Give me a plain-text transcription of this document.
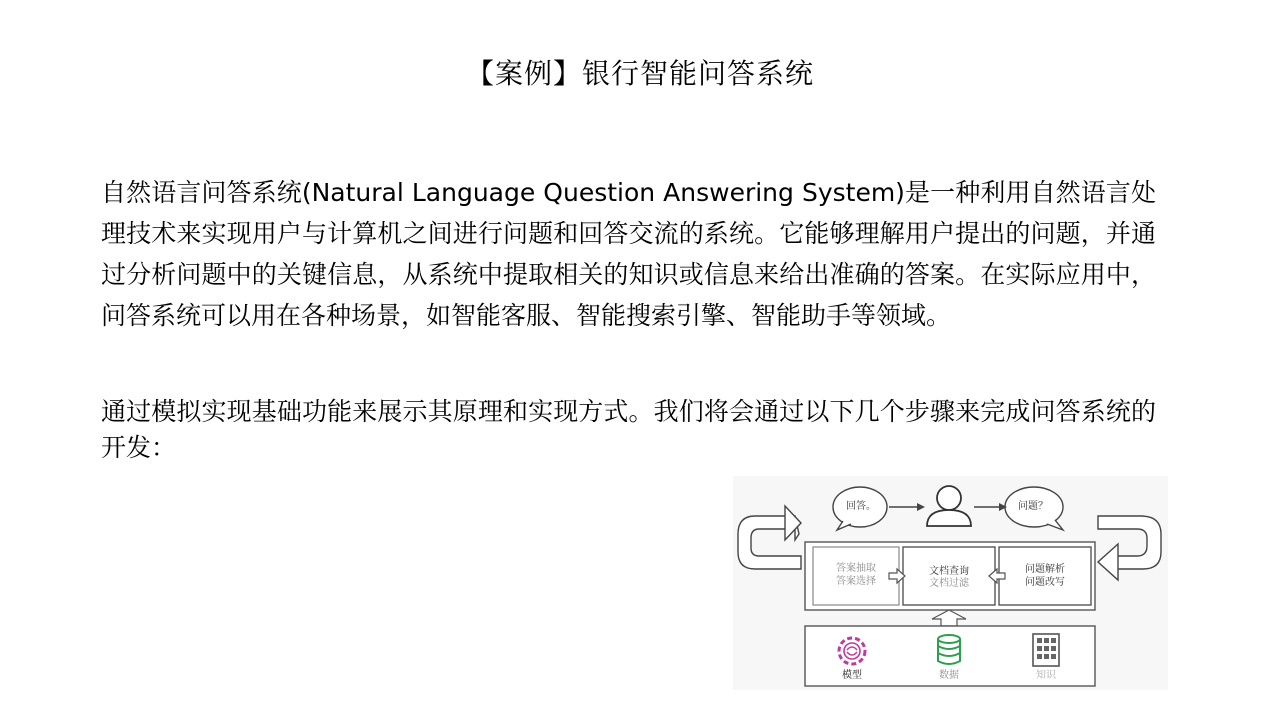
【案例】银行智能问答系统
自然语言问答系统(Natural Language Question Answering System)是一种利用自然语言处理技术来实现用户与计算机之间进行问题和回答交流的系统。它能够理解用户提出的问题，并通过分析问题中的关键信息，从系统中提取相关的知识或信息来给出准确的答案。在实际应用中，问答系统可以用在各种场景，如智能客服、智能搜索引擎、智能助手等领域。
通过模拟实现基础功能来展示其原理和实现方式。我们将会通过以下几个步骤来完成问答系统的开发：
回答。	问题？
答案抽取
答案选择
文档查询
文档过滤
问题解析
问题改写
模型	数据	知识
